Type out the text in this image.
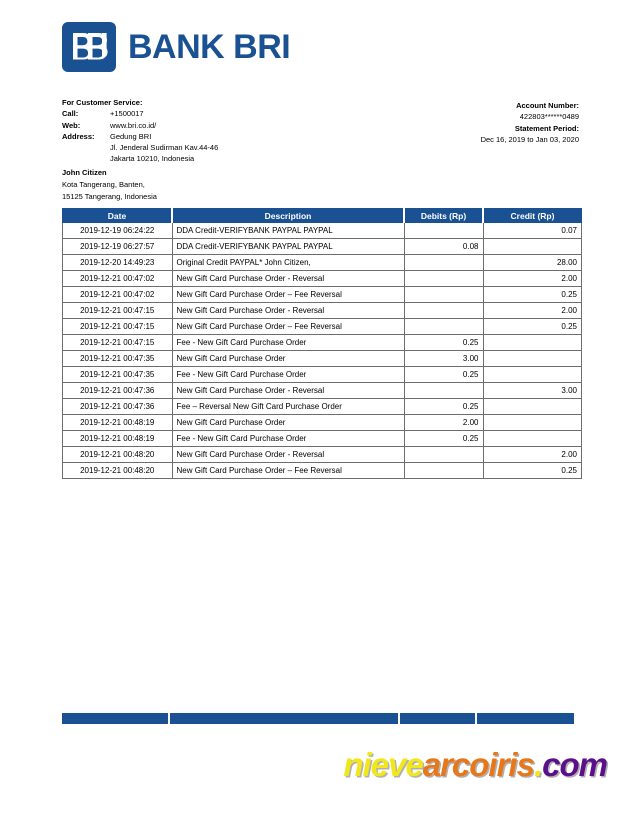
BANK BRI
For Customer Service:
Call:	+1500017
Web:	www.bri.co.id/
Address:	Gedung BRI
Jl. Jenderal Sudirman Kav.44-46
Jakarta 10210, Indonesia
Account Number:
422803******0489
Statement Period:
Dec 16, 2019 to Jan 03, 2020
John Citizen
Kota Tangerang, Banten,
15125 Tangerang, Indonesia
Date	Description	Debits (Rp)	Credit (Rp)
2019-12-19 06:24:22	DDA Credit-VERIFYBANK PAYPAL PAYPAL		0.07
2019-12-19 06:27:57	DDA Credit-VERIFYBANK PAYPAL PAYPAL	0.08	
2019-12-20 14:49:23	Original Credit PAYPAL* John Citizen,		28.00
2019-12-21 00:47:02	New Gift Card Purchase Order - Reversal		2.00
2019-12-21 00:47:02	New Gift Card Purchase Order – Fee Reversal		0.25
2019-12-21 00:47:15	New Gift Card Purchase Order - Reversal		2.00
2019-12-21 00:47:15	New Gift Card Purchase Order – Fee Reversal		0.25
2019-12-21 00:47:15	Fee - New Gift Card Purchase Order	0.25	
2019-12-21 00:47:35	New Gift Card Purchase Order	3.00	
2019-12-21 00:47:35	Fee - New Gift Card Purchase Order	0.25	
2019-12-21 00:47:36	New Gift Card Purchase Order - Reversal		3.00
2019-12-21 00:47:36	Fee – Reversal New Gift Card Purchase Order	0.25	
2019-12-21 00:48:19	New Gift Card Purchase Order	2.00	
2019-12-21 00:48:19	Fee - New Gift Card Purchase Order	0.25	
2019-12-21 00:48:20	New Gift Card Purchase Order - Reversal		2.00
2019-12-21 00:48:20	New Gift Card Purchase Order – Fee Reversal		0.25
nievearcoiris.com
